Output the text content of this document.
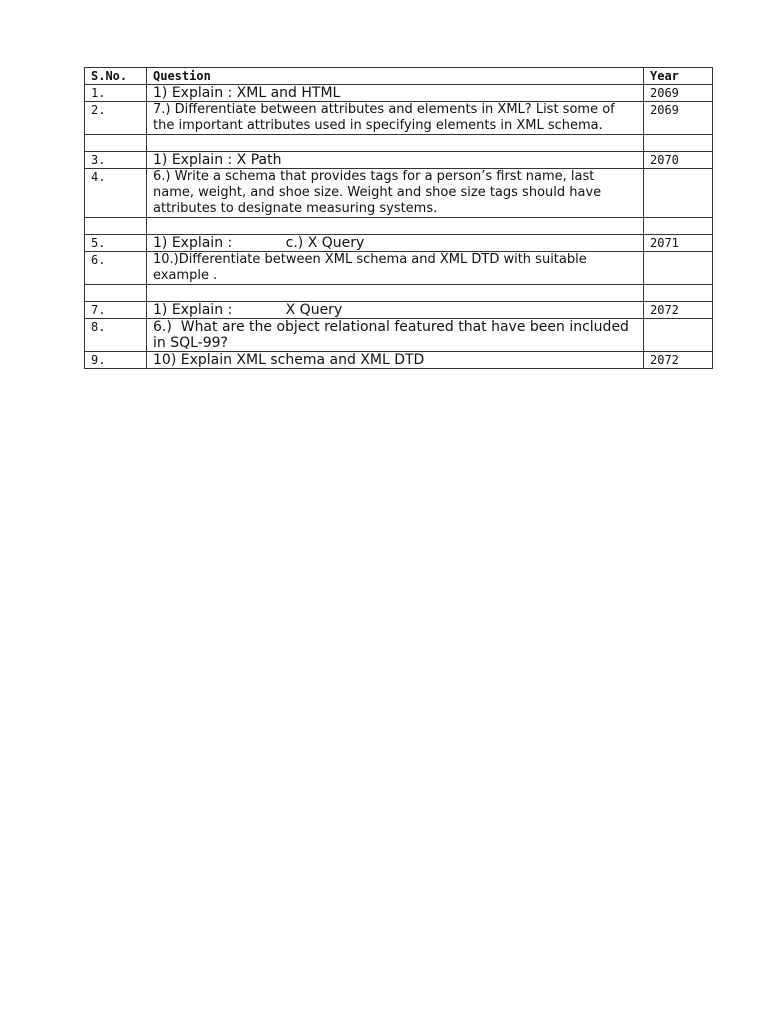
S.No.	Question	Year
1.	1) Explain : XML and HTML	2069
2.	7.) Differentiate between attributes and elements in XML? List some of the important attributes used in specifying elements in XML schema.	2069

3.	1) Explain : X Path	2070
4.	6.) Write a schema that provides tags for a person’s first name, last name, weight, and shoe size. Weight and shoe size tags should have attributes to designate measuring systems.	

5.	1) Explain :            c.) X Query	2071
6.	10.)Differentiate between XML schema and XML DTD with suitable example .	

7.	1) Explain :            X Query	2072
8.	6.)  What are the object relational featured that have been included in SQL-99?	
9.	10) Explain XML schema and XML DTD	2072
